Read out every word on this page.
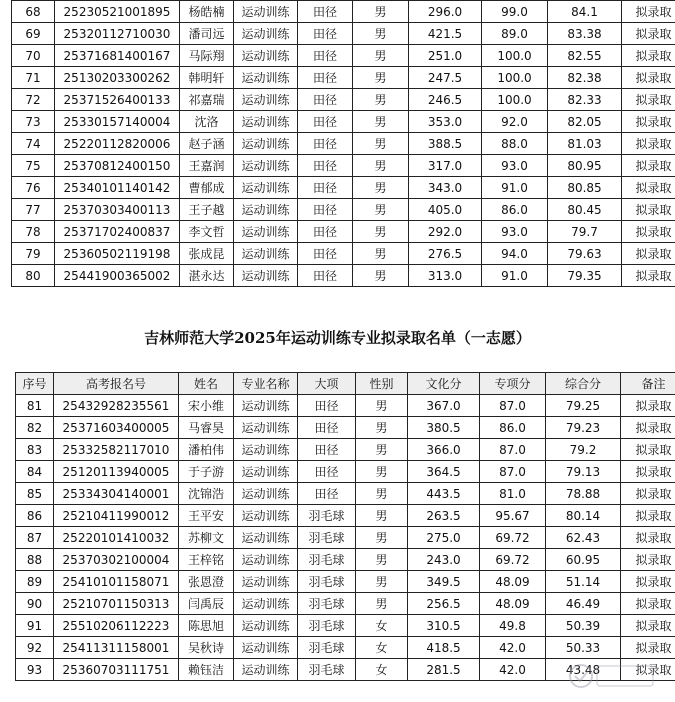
68	25230521001895	杨皓楠	运动训练	田径	男	296.0	99.0	84.1	拟录取
69	25320112710030	潘司远	运动训练	田径	男	421.5	89.0	83.38	拟录取
70	25371681400167	马际翔	运动训练	田径	男	251.0	100.0	82.55	拟录取
71	25130203300262	韩明轩	运动训练	田径	男	247.5	100.0	82.38	拟录取
72	25371526400133	祁嘉瑞	运动训练	田径	男	246.5	100.0	82.33	拟录取
73	25330157140004	沈洛	运动训练	田径	男	353.0	92.0	82.05	拟录取
74	25220112820006	赵子涵	运动训练	田径	男	388.5	88.0	81.03	拟录取
75	25370812400150	王嘉润	运动训练	田径	男	317.0	93.0	80.95	拟录取
76	25340101140142	曹郁成	运动训练	田径	男	343.0	91.0	80.85	拟录取
77	25370303400113	王子越	运动训练	田径	男	405.0	86.0	80.45	拟录取
78	25371702400837	李文哲	运动训练	田径	男	292.0	93.0	79.7	拟录取
79	25360502119198	张成昆	运动训练	田径	男	276.5	94.0	79.63	拟录取
80	25441900365002	湛永达	运动训练	田径	男	313.0	91.0	79.35	拟录取
吉林师范大学2025年运动训练专业拟录取名单（一志愿）
序号	高考报名号	姓名	专业名称	大项	性别	文化分	专项分	综合分	备注
81	25432928235561	宋小维	运动训练	田径	男	367.0	87.0	79.25	拟录取
82	25371603400005	马睿昊	运动训练	田径	男	380.5	86.0	79.23	拟录取
83	25332582117010	潘柏伟	运动训练	田径	男	366.0	87.0	79.2	拟录取
84	25120113940005	于子游	运动训练	田径	男	364.5	87.0	79.13	拟录取
85	25334304140001	沈锦浩	运动训练	田径	男	443.5	81.0	78.88	拟录取
86	25210411990012	王平安	运动训练	羽毛球	男	263.5	95.67	80.14	拟录取
87	25220101410032	苏柳文	运动训练	羽毛球	男	275.0	69.72	62.43	拟录取
88	25370302100004	王梓铭	运动训练	羽毛球	男	243.0	69.72	60.95	拟录取
89	25410101158071	张恩澄	运动训练	羽毛球	男	349.5	48.09	51.14	拟录取
90	25210701150313	闫禹辰	运动训练	羽毛球	男	256.5	48.09	46.49	拟录取
91	25510206112223	陈思旭	运动训练	羽毛球	女	310.5	49.8	50.39	拟录取
92	25411311158001	吴秋诗	运动训练	羽毛球	女	418.5	42.0	50.33	拟录取
93	25360703111751	赖钰洁	运动训练	羽毛球	女	281.5	42.0	43.48	拟录取
